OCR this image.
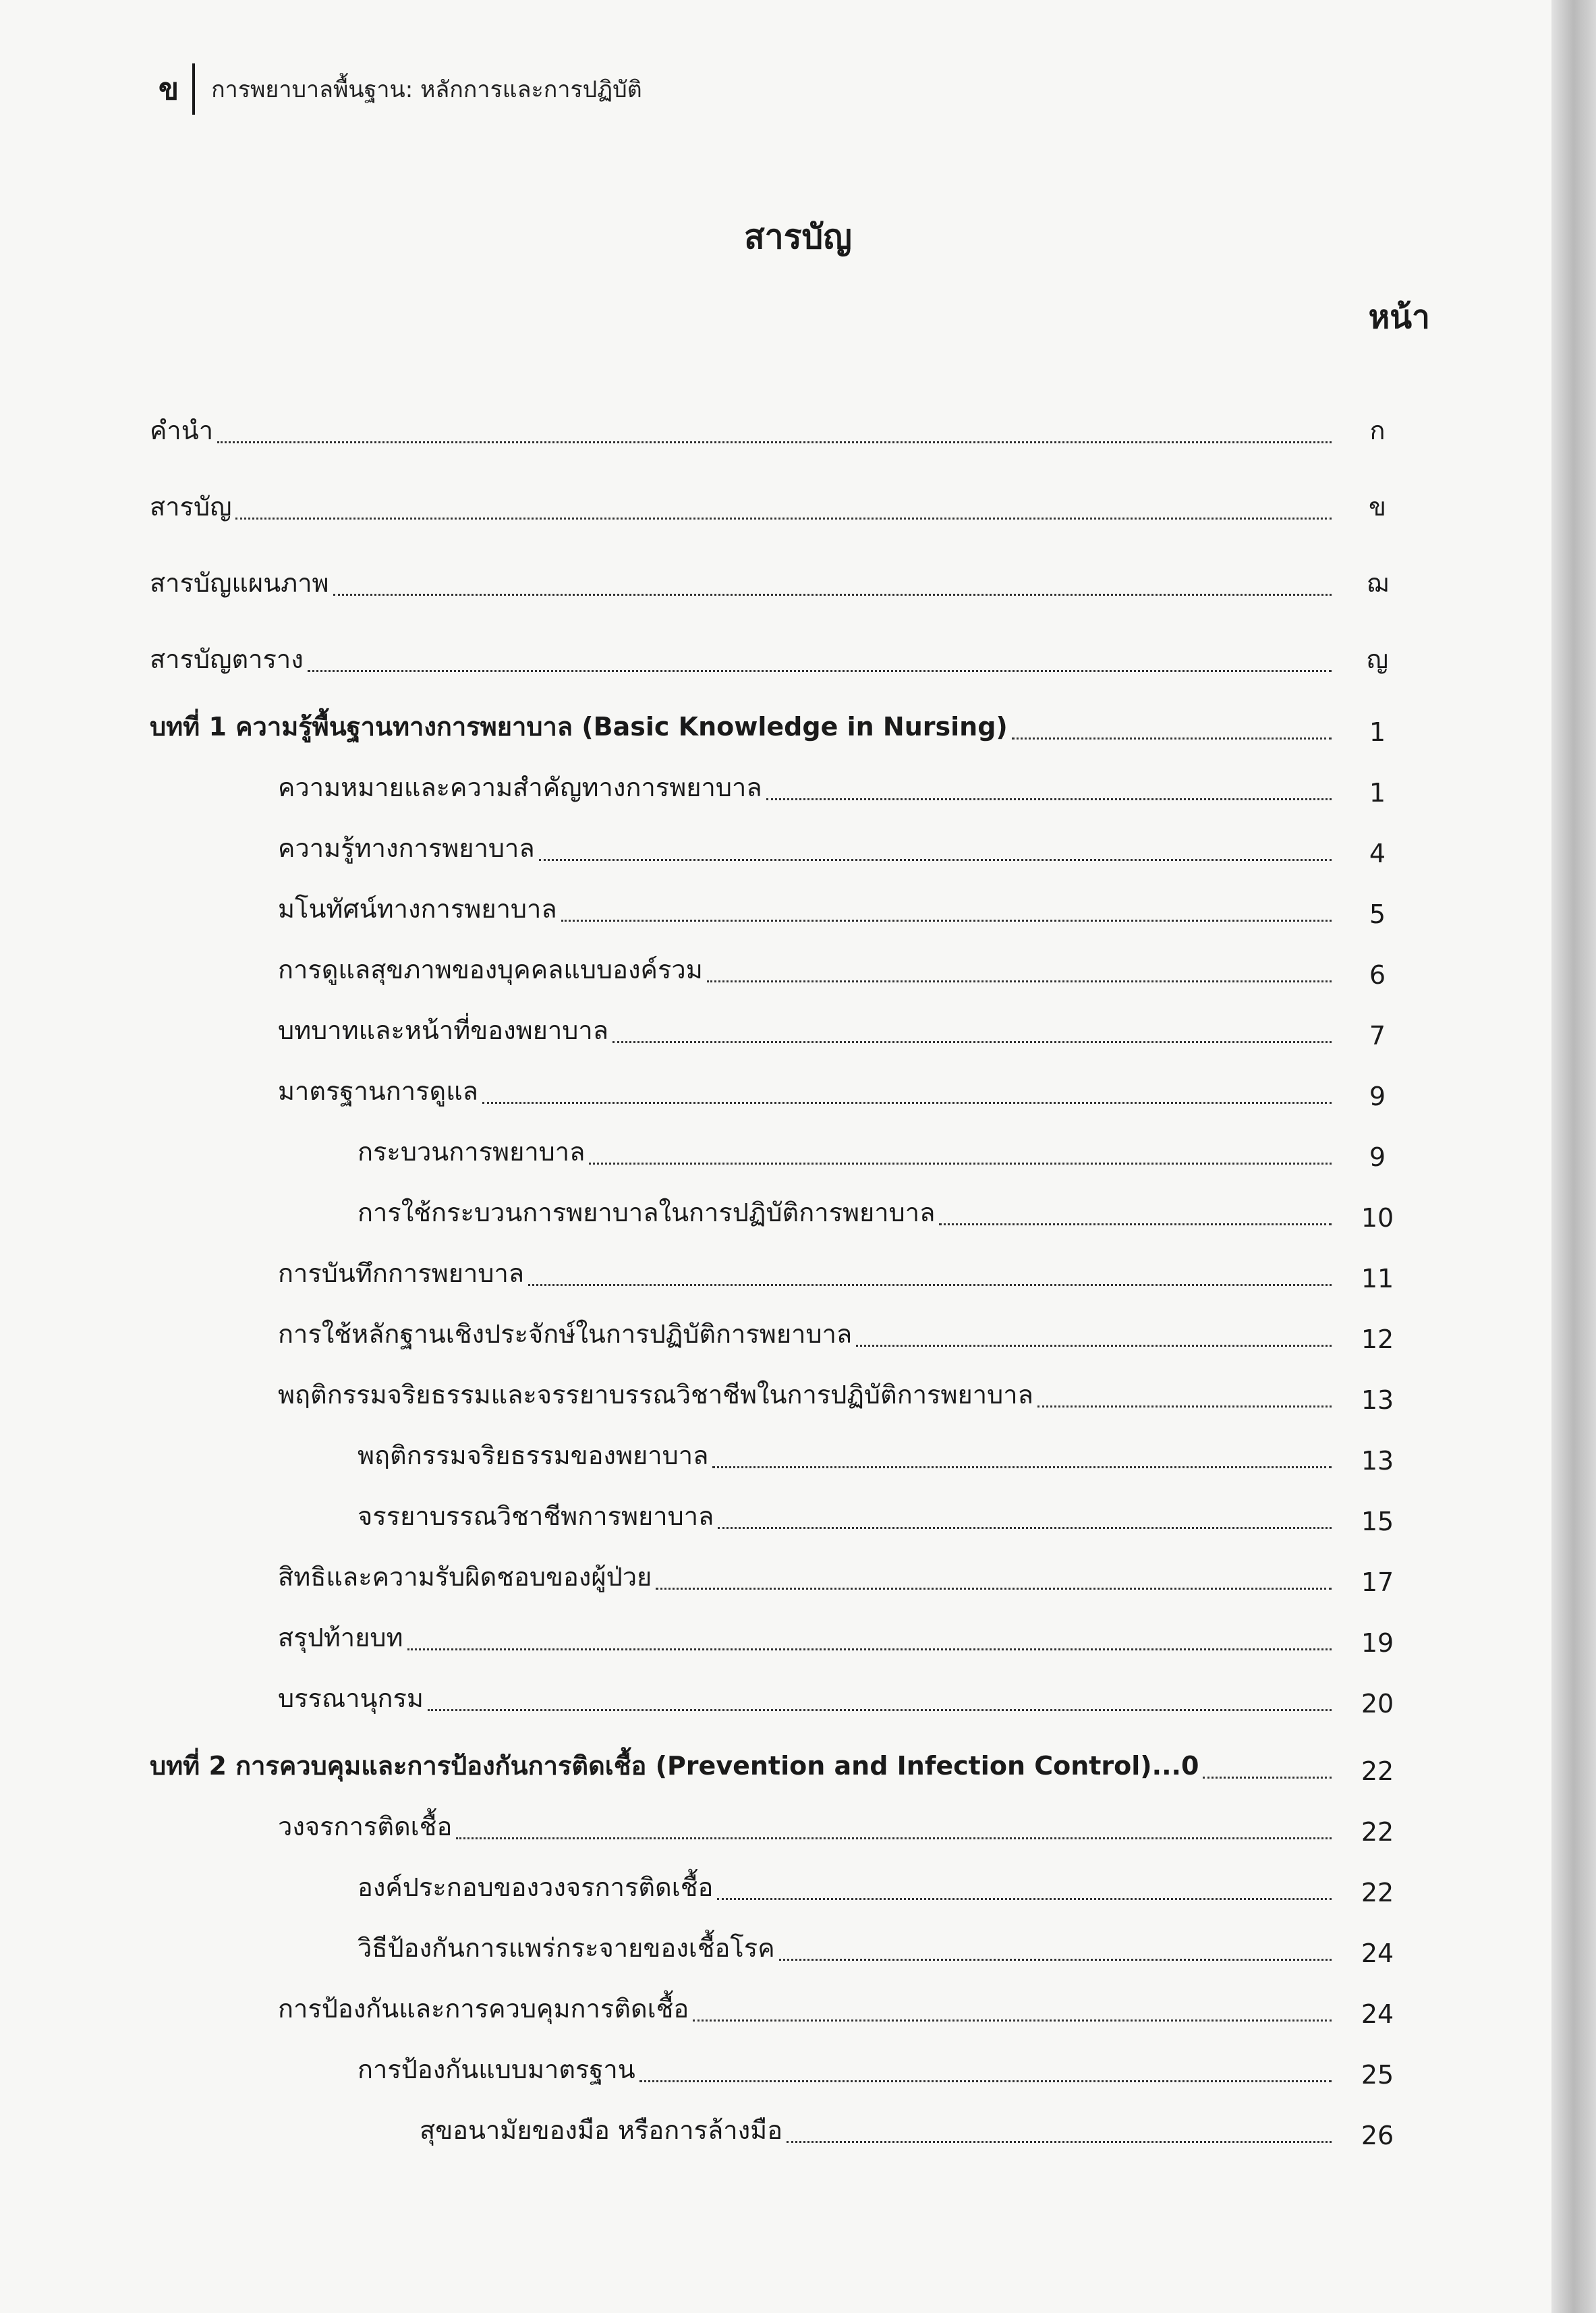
ข การพยาบาลพื้นฐาน: หลักการและการปฏิบัติ
สารบัญ
หน้า
คำนำ	ก
สารบัญ	ข
สารบัญแผนภาพ	ฌ
สารบัญตาราง	ญ
บทที่ 1 ความรู้พื้นฐานทางการพยาบาล (Basic Knowledge in Nursing)	1
ความหมายและความสำคัญทางการพยาบาล	1
ความรู้ทางการพยาบาล	4
มโนทัศน์ทางการพยาบาล	5
การดูแลสุขภาพของบุคคลแบบองค์รวม	6
บทบาทและหน้าที่ของพยาบาล	7
มาตรฐานการดูแล	9
กระบวนการพยาบาล	9
การใช้กระบวนการพยาบาลในการปฏิบัติการพยาบาล	10
การบันทึกการพยาบาล	11
การใช้หลักฐานเชิงประจักษ์ในการปฏิบัติการพยาบาล	12
พฤติกรรมจริยธรรมและจรรยาบรรณวิชาชีพในการปฏิบัติการพยาบาล	13
พฤติกรรมจริยธรรมของพยาบาล	13
จรรยาบรรณวิชาชีพการพยาบาล	15
สิทธิและความรับผิดชอบของผู้ป่วย	17
สรุปท้ายบท	19
บรรณานุกรม	20
บทที่ 2 การควบคุมและการป้องกันการติดเชื้อ (Prevention and Infection Control)...0	22
วงจรการติดเชื้อ	22
องค์ประกอบของวงจรการติดเชื้อ	22
วิธีป้องกันการแพร่กระจายของเชื้อโรค	24
การป้องกันและการควบคุมการติดเชื้อ	24
การป้องกันแบบมาตรฐาน	25
สุขอนามัยของมือ หรือการล้างมือ	26
